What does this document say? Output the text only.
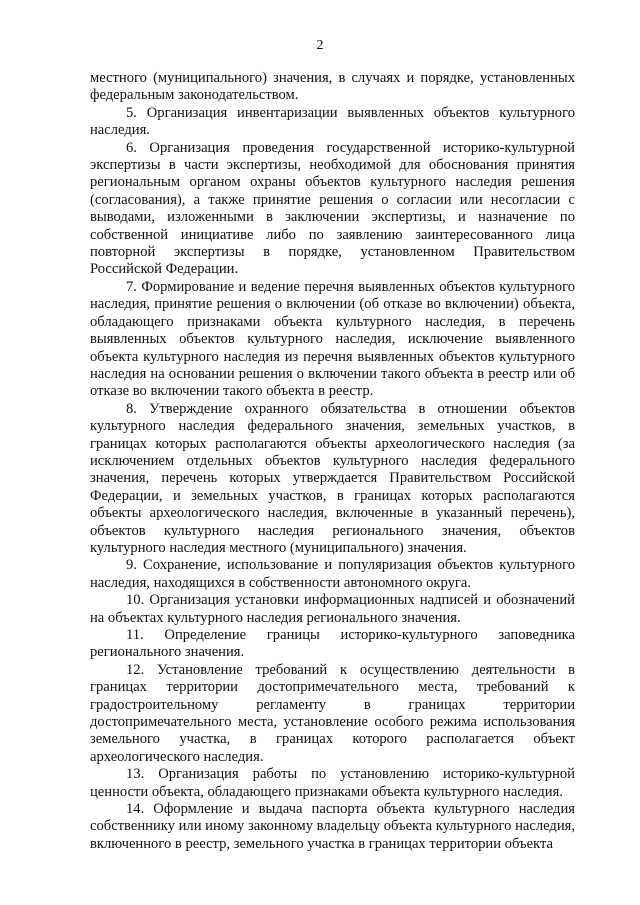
2

местного (муниципального) значения, в случаях и порядке, установленных федеральным законодательством.

5. Организация инвентаризации выявленных объектов культурного наследия.

6. Организация проведения государственной историко-культурной экспертизы в части экспертизы, необходимой для обоснования принятия региональным органом охраны объектов культурного наследия решения (согласования), а также принятие решения о согласии или несогласии с выводами, изложенными в заключении экспертизы, и назначение по собственной инициативе либо по заявлению заинтересованного лица повторной экспертизы в порядке, установленном Правительством Российской Федерации.

7. Формирование и ведение перечня выявленных объектов культурного наследия, принятие решения о включении (об отказе во включении) объекта, обладающего признаками объекта культурного наследия, в перечень выявленных объектов культурного наследия, исключение выявленного объекта культурного наследия из перечня выявленных объектов культурного наследия на основании решения о включении такого объекта в реестр или об отказе во включении такого объекта в реестр.

8. Утверждение охранного обязательства в отношении объектов культурного наследия федерального значения, земельных участков, в границах которых располагаются объекты археологического наследия (за исключением отдельных объектов культурного наследия федерального значения, перечень которых утверждается Правительством Российской Федерации, и земельных участков, в границах которых располагаются объекты археологического наследия, включенные в указанный перечень), объектов культурного наследия регионального значения, объектов культурного наследия местного (муниципального) значения.

9. Сохранение, использование и популяризация объектов культурного наследия, находящихся в собственности автономного округа.

10. Организация установки информационных надписей и обозначений на объектах культурного наследия регионального значения.

11. Определение границы историко-культурного заповедника регионального значения.

12. Установление требований к осуществлению деятельности в границах территории достопримечательного места, требований к градостроительному регламенту в границах территории достопримечательного места, установление особого режима использования земельного участка, в границах которого располагается объект археологического наследия.

13. Организация работы по установлению историко-культурной ценности объекта, обладающего признаками объекта культурного наследия.

14. Оформление и выдача паспорта объекта культурного наследия собственнику или иному законному владельцу объекта культурного наследия, включенного в реестр, земельного участка в границах территории объекта
